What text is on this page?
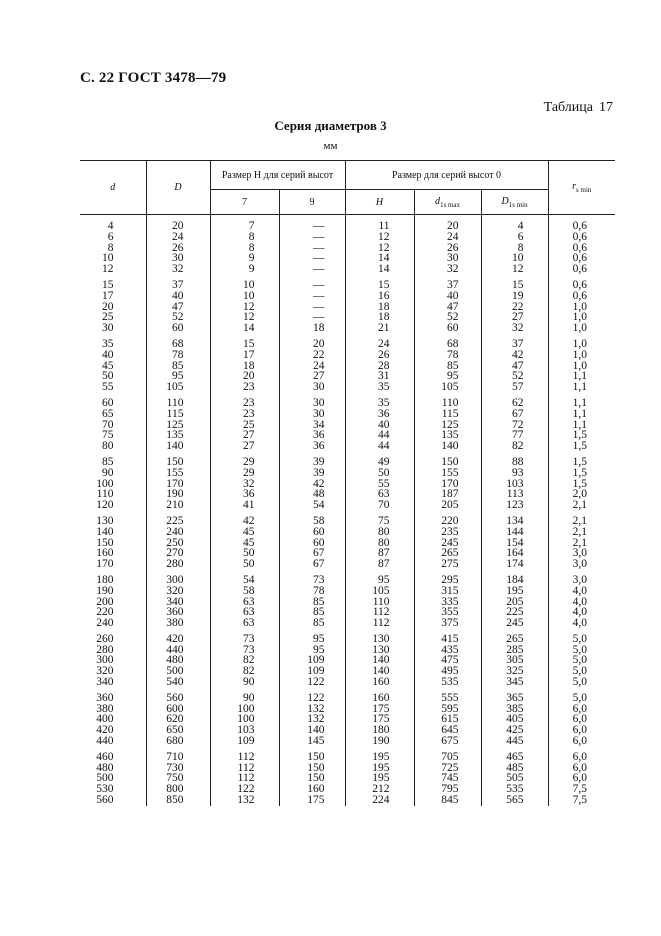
С. 22 ГОСТ 3478—79
Таблица 17
Серия диаметров 3
мм
d	D	Размер H для серий высот		Размер для серий высот 0			$r_{s min}$
		7	9	H	$d_{1s max}$	$D_{1s min}$
4	20	7	—	11	20	4	0,6
6	24	8	—	12	24	6	0,6
8	26	8	—	12	26	8	0,6
10	30	9	—	14	30	10	0,6
12	32	9	—	14	32	12	0,6
15	37	10	—	15	37	15	0,6
17	40	10	—	16	40	19	0,6
20	47	12	—	18	47	22	1,0
25	52	12	—	18	52	27	1,0
30	60	14	18	21	60	32	1,0
35	68	15	20	24	68	37	1,0
40	78	17	22	26	78	42	1,0
45	85	18	24	28	85	47	1,0
50	95	20	27	31	95	52	1,1
55	105	23	30	35	105	57	1,1
60	110	23	30	35	110	62	1,1
65	115	23	30	36	115	67	1,1
70	125	25	34	40	125	72	1,1
75	135	27	36	44	135	77	1,5
80	140	27	36	44	140	82	1,5
85	150	29	39	49	150	88	1,5
90	155	29	39	50	155	93	1,5
100	170	32	42	55	170	103	1,5
110	190	36	48	63	187	113	2,0
120	210	41	54	70	205	123	2,1
130	225	42	58	75	220	134	2,1
140	240	45	60	80	235	144	2,1
150	250	45	60	80	245	154	2,1
160	270	50	67	87	265	164	3,0
170	280	50	67	87	275	174	3,0
180	300	54	73	95	295	184	3,0
190	320	58	78	105	315	195	4,0
200	340	63	85	110	335	205	4,0
220	360	63	85	112	355	225	4,0
240	380	63	85	112	375	245	4,0
260	420	73	95	130	415	265	5,0
280	440	73	95	130	435	285	5,0
300	480	82	109	140	475	305	5,0
320	500	82	109	140	495	325	5,0
340	540	90	122	160	535	345	5,0
360	560	90	122	160	555	365	5,0
380	600	100	132	175	595	385	6,0
400	620	100	132	175	615	405	6,0
420	650	103	140	180	645	425	6,0
440	680	109	145	190	675	445	6,0
460	710	112	150	195	705	465	6,0
480	730	112	150	195	725	485	6,0
500	750	112	150	195	745	505	6,0
530	800	122	160	212	795	535	7,5
560	850	132	175	224	845	565	7,5
